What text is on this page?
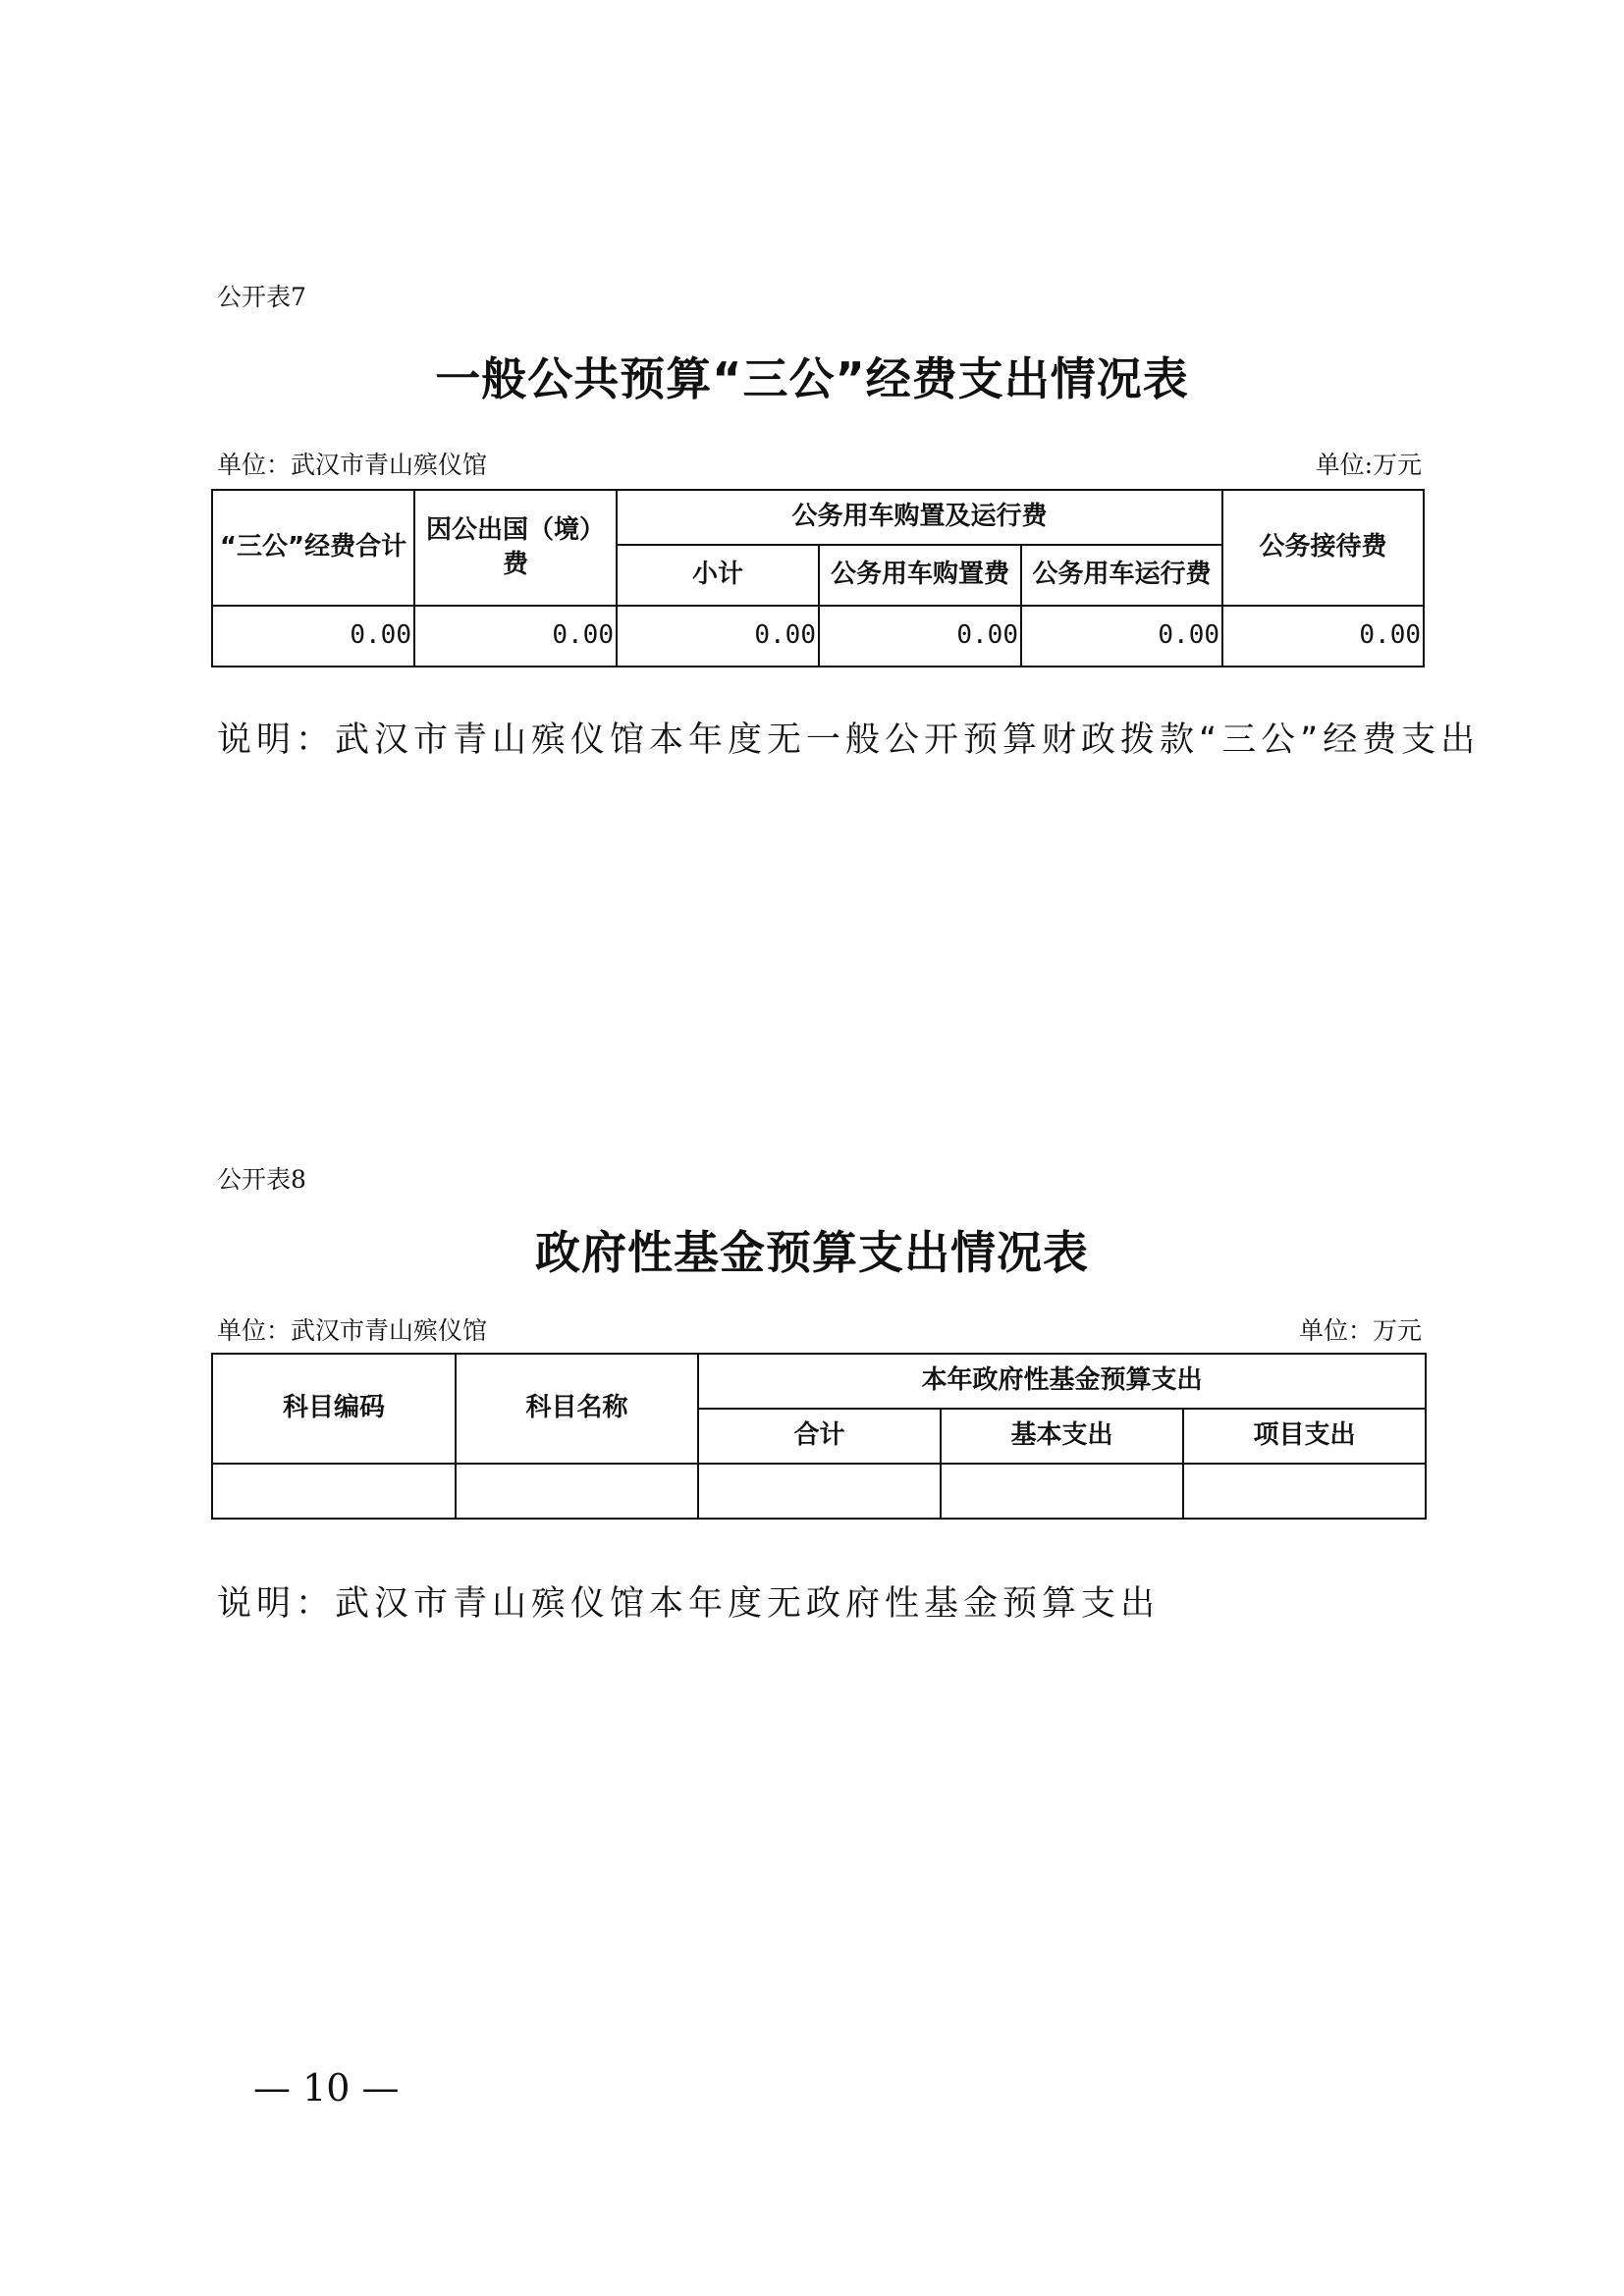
公开表7
一般公共预算“三公”经费支出情况表
单位：武汉市青山殡仪馆	单位:万元
“三公”经费合计	因公出国（境）费	公务用车购置及运行费			公务接待费
		小计	公务用车购置费	公务用车运行费	
0.00	0.00	0.00	0.00	0.00	0.00
说明：武汉市青山殡仪馆本年度无一般公开预算财政拨款“三公”经费支出
公开表8
政府性基金预算支出情况表
单位：武汉市青山殡仪馆	单位：万元
科目编码	科目名称	本年政府性基金预算支出		
		合计	基本支出	项目支出

说明：武汉市青山殡仪馆本年度无政府性基金预算支出
— 10 —
